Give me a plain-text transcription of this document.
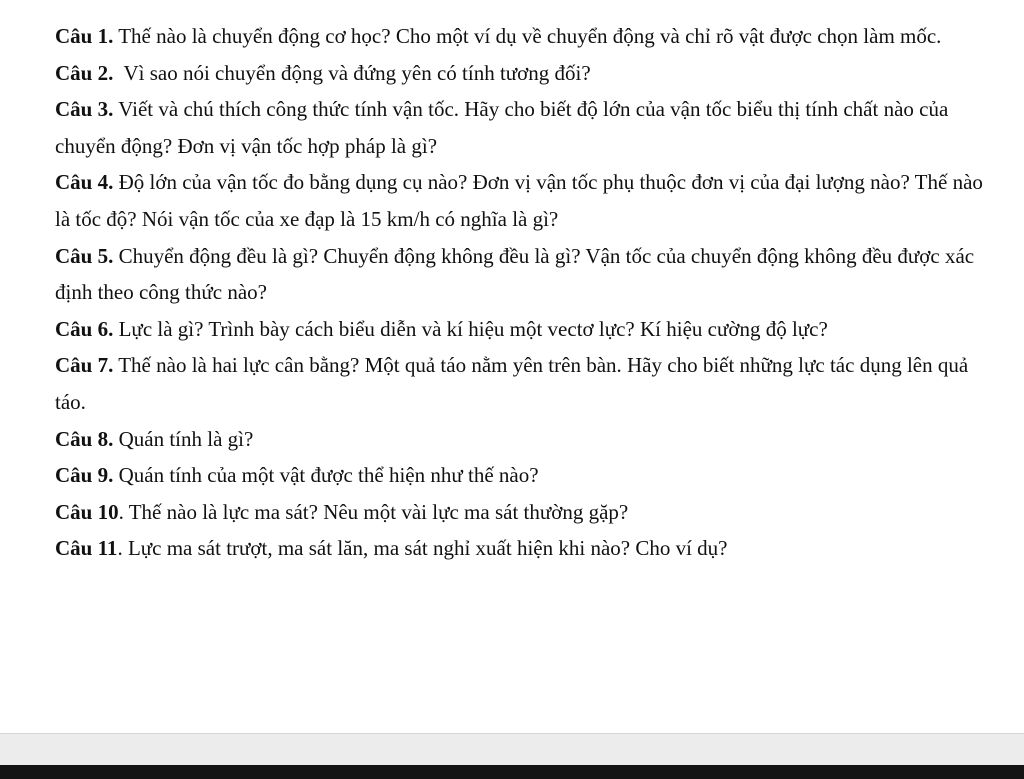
Câu 1. Thế nào là chuyển động cơ học? Cho một ví dụ về chuyển động và chỉ rõ vật được chọn làm mốc.

Câu 2.  Vì sao nói chuyển động và đứng yên có tính tương đối?

Câu 3. Viết và chú thích công thức tính vận tốc. Hãy cho biết độ lớn của vận tốc biểu thị tính chất nào của chuyển động? Đơn vị vận tốc hợp pháp là gì?

Câu 4. Độ lớn của vận tốc đo bằng dụng cụ nào? Đơn vị vận tốc phụ thuộc đơn vị của đại lượng nào? Thế nào là tốc độ? Nói vận tốc của xe đạp là 15 km/h có nghĩa là gì?

Câu 5. Chuyển động đều là gì? Chuyển động không đều là gì? Vận tốc của chuyển động không đều được xác định theo công thức nào?

Câu 6. Lực là gì? Trình bày cách biểu diễn và kí hiệu một vectơ lực? Kí hiệu cường độ lực?

Câu 7. Thế nào là hai lực cân bằng? Một quả táo nằm yên trên bàn. Hãy cho biết những lực tác dụng lên quả táo.

Câu 8. Quán tính là gì?

Câu 9. Quán tính của một vật được thể hiện như thế nào?

Câu 10. Thế nào là lực ma sát? Nêu một vài lực ma sát thường gặp?

Câu 11. Lực ma sát trượt, ma sát lăn, ma sát nghỉ xuất hiện khi nào? Cho ví dụ?
